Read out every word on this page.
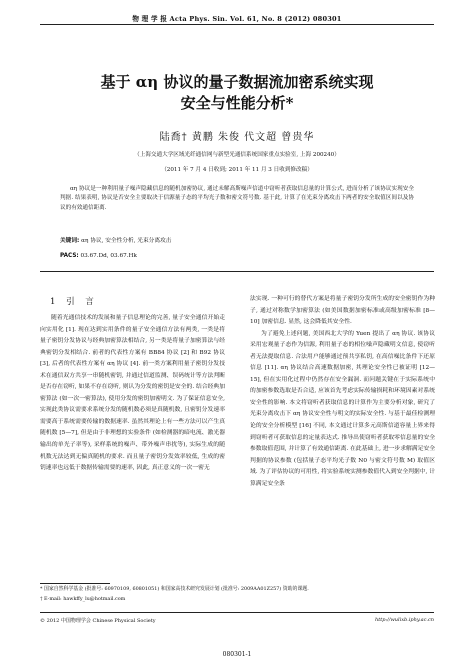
物 理 学 报 Acta Phys. Sin. Vol. 61, No. 8 (2012) 080301
基于 αη 协议的量子数据流加密系统实现
安全与性能分析*
陆喬† 黄鹏 朱俊 代文超 曾贵华
（上海交通大学区域光纤通信网与新型光通信系统国家重点实验室, 上海 200240）
（2011 年 7 月 4 日收到; 2011 年 11 月 3 日收到修改稿）
αη 协议是一种利用量子噪声隐藏信息的随机加密协议, 通过未解高斯噪声信道中窃听者获取信息量的计算公式, 进而分析了该协议实现安全判据. 结果表明, 协议是否安全主要取决于信源量子态的平均光子数和密文符号数. 基于此, 计算了在光束分离攻击下两者的安全取值区间以及协议的有效通信距离.
关键词: αη 协议, 安全性分析, 光束分离攻击
PACS: 03.67.Dd, 03.67.Hk
1 引 言

随着光通信技术的发展和量子信息理论的完善, 量子安全通信开始走向实用化 [1]. 现在达到实用条件的量子安全通信方法有两类, 一类是将量子密钥分发协议与经典加密算法相结合, 另一类是将量子加密算法与经典密钥分发相结合. 前者的代表性方案有 BB84 协议 [2] 和 B92 协议 [3], 后者的代表性方案有 αη 协议 [4]. 前一类方案利用量子密钥分发技术在通信双方共享一串随机密钥, 并通过信道监测、误码统计等方法判断是否存在窃听, 如果不存在窃听, 则认为分发的密钥是安全的. 结合经典加密算法 (如一次一密算法), 使用分发的密钥加密明文. 为了保证信息安全, 实现此类协议需要求系统分发的随机数必须是真随机数, 且密钥分发速率需要高于系统需要传输的数据速率. 虽然其理论上有一些方法可以产生真随机数 [5—7], 但是由于非理想的实验条件 (如检测器的暗电流、激光器输出的单光子率等), 采样系统的噪声、带外噪声串扰等), 实际生成的随机数无法达到无偏真随机的要求. 而且量子密钥分发效率较低, 生成的密钥速率也远低于数据传输需要的速率, 因此, 真正意义的一次一密无

法实现. 一种可行的替代方案是将量子密钥分发所生成的安全密钥作为种子, 通过对称数学加密算法 (如美国数据加密标准或高级加密标准 [8—10] 加密信息. 显然, 这会降低其安全性.

为了避免上述问题, 美国西北大学的 Yuen 提出了 αη 协议. 该协议采用宏观量子态作为信源, 利用量子态的相位噪声隐藏明文信息, 使窃听者无法提取信息. 合法用户能够通过预共享私钥, 在高信噪比条件下还原信息 [11]. αη 协议结合高速数据加密, 其理论安全性已被证明 [12—15], 但在实用化过程中仍然存在安全漏洞. 而问题关键在于实际系统中的加密参数选取是否合适, 应该首先考虑实际传输损耗和环境因素对系统安全性的影响. 本文将窃听者获取信息的计算作为主要分析对象, 研究了光束分离攻击下 αη 协议安全性与明文的实际安全性. 与基于最佳检测理论的安全分析模型 [16] 不同, 本文通过计算多元高斯信道容量上界来得到窃听者可获取信息的定量表达式. 推导出使窃听者获取零信息量的安全参数取值范围, 并计算了有效通信距离. 在此基础上, 进一步求解满足安全判据的协议参数 (包括量子态平均光子数 N0 与密文符号数 M) 取值区域. 为了评估协议的可用性, 将实验系统实测参数值代入到安全判据中, 计算满足安全条

* 国家自然科学基金 (批准号: 60970109, 60801051) 和国家高技术研究发展计划 (批准号: 2009AA01Z257) 资助的课题.
† E-mail: hawkffy_lu@hotmail.com
© 2012 中国物理学会 Chinese Physical Society	http://wulixb.iphy.ac.cn
080301-1
